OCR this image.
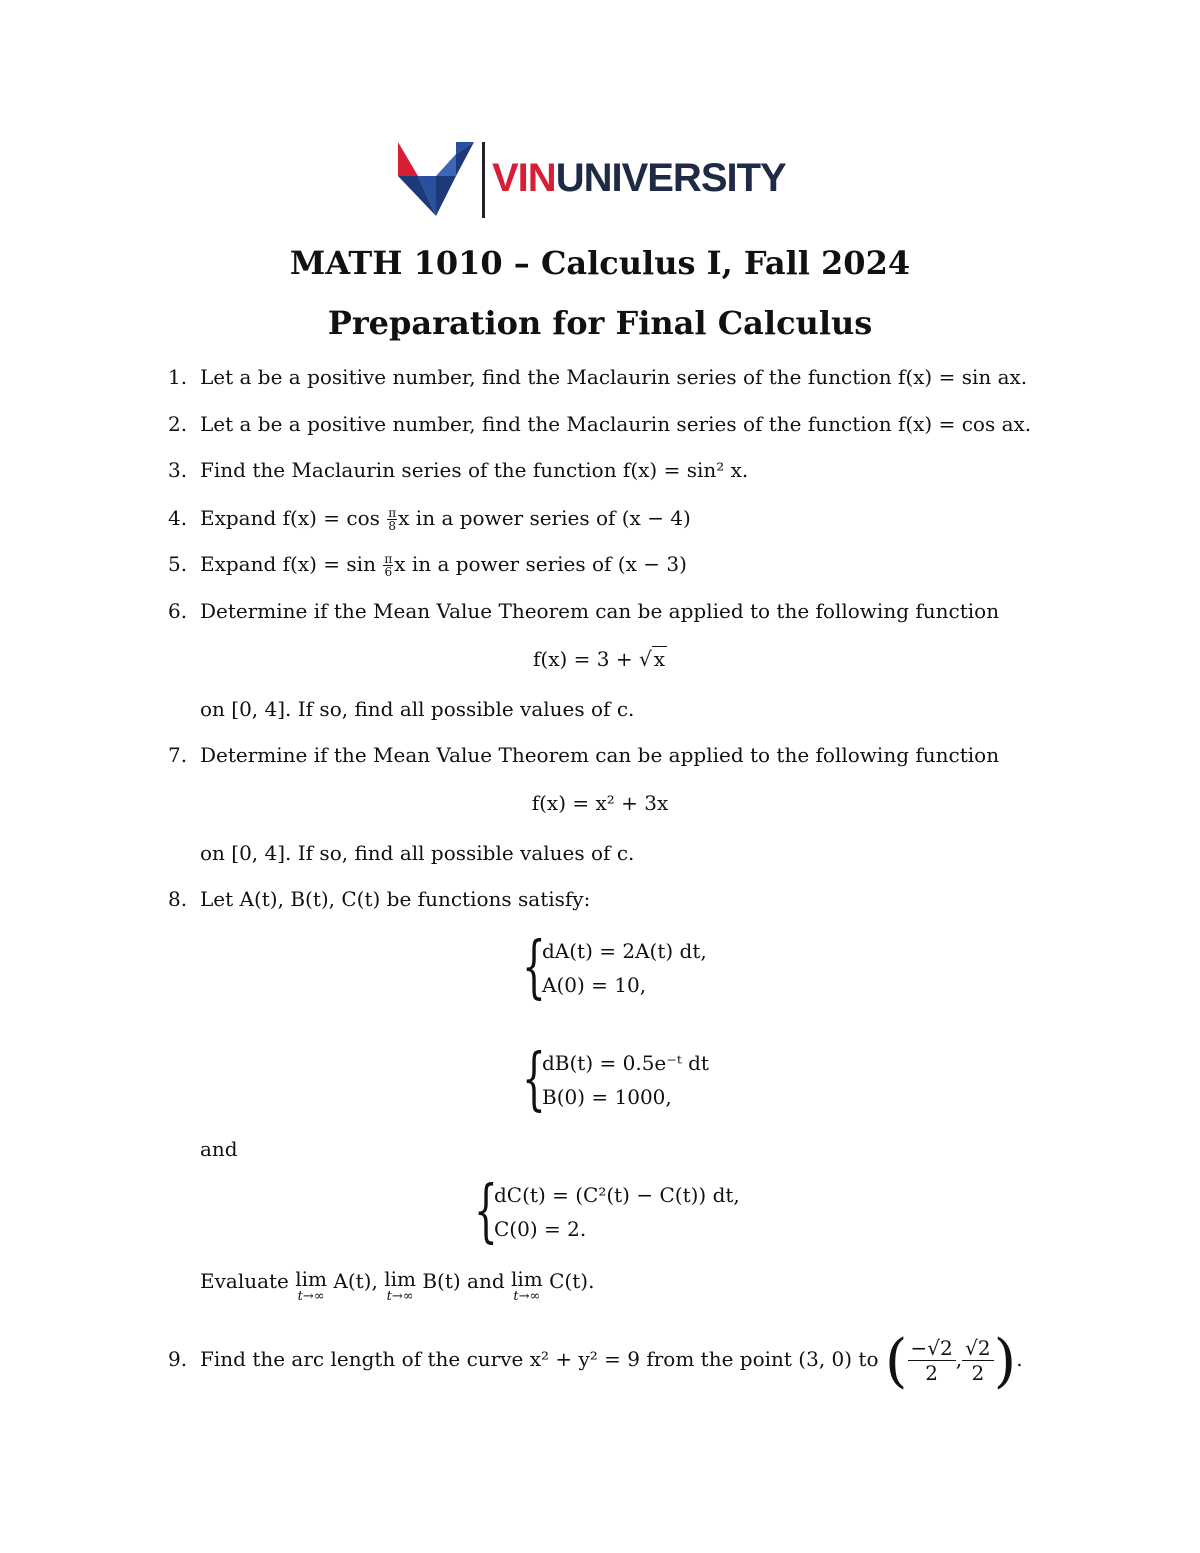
VINUNIVERSITY
MATH 1010 – Calculus I, Fall 2024
Preparation for Final Calculus
1. Let a be a positive number, find the Maclaurin series of the function f(x) = sin ax.
2. Let a be a positive number, find the Maclaurin series of the function f(x) = cos ax.
3. Find the Maclaurin series of the function f(x) = sin² x.
4. Expand $f(x) = \cos \frac{\pi}{8}$ x in a power series of (x − 4)
5. Expand $f(x) = \sin \frac{\pi}{6}$ x in a power series of (x − 3)
6. Determine if the Mean Value Theorem can be applied to the following function
f(x) = 3 + √ x
on [0, 4]. If so, find all possible values of c.
7. Determine if the Mean Value Theorem can be applied to the following function
f(x) = x² + 3x
on [0, 4]. If so, find all possible values of c.
8. Let A(t), B(t), C(t) be functions satisfy:
{
dA(t) = 2A(t) dt,
A(0) = 10,
{
dB(t) = 0.5e⁻ᵗ dt
B(0) = 1000,
and
{
dC(t) = (C²(t) − C(t)) dt,
C(0) = 2.
Evaluate lim
t→∞
A(t), lim
t→∞
B(t) and lim
t→∞
C(t).
9. Find the arc length of the curve x² + y² = 9 from the point (3, 0) to ( $\frac{-√2}{2}$ , $\frac{√2}{2}$ ).
